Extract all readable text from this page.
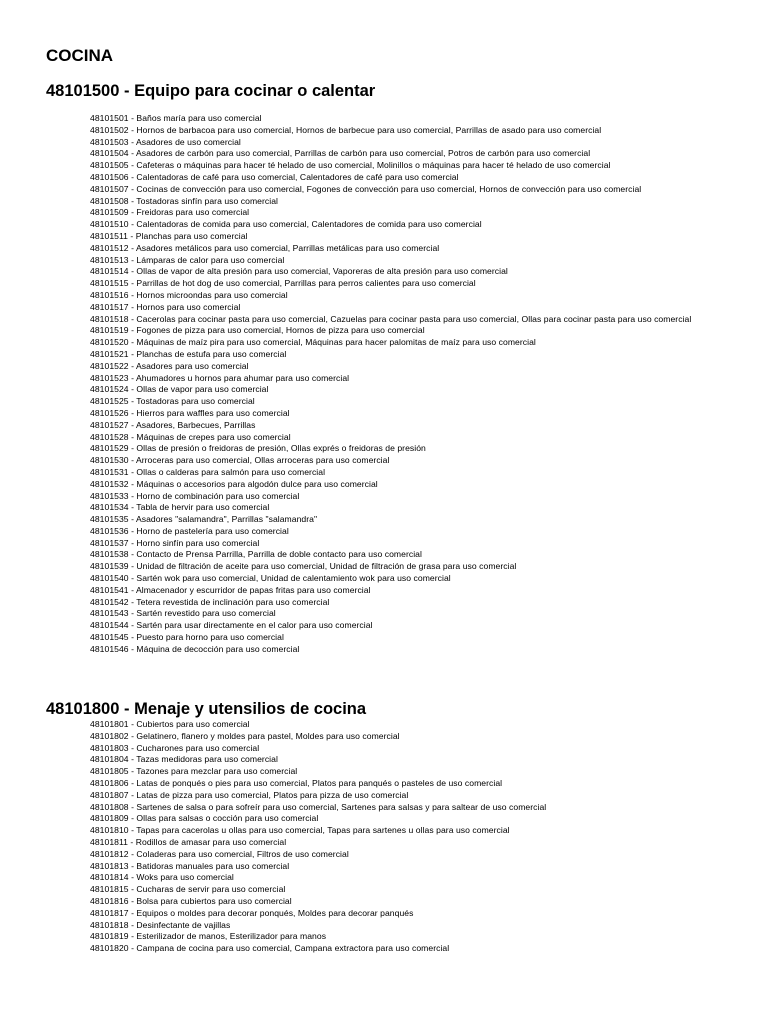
COCINA
48101500 - Equipo para cocinar o calentar
48101501 - Baños maría para uso comercial
48101502 - Hornos de barbacoa para uso comercial, Hornos de barbecue para uso comercial, Parrillas de asado para uso comercial
48101503 - Asadores de uso comercial
48101504 - Asadores de carbón para uso comercial, Parrillas de carbón para uso comercial, Potros de carbón para uso comercial
48101505 - Cafeteras o máquinas para hacer té helado de uso comercial, Molinillos o máquinas para hacer té helado de uso comercial
48101506 - Calentadoras de café para uso comercial, Calentadores de café para uso comercial
48101507 - Cocinas de convección para uso comercial, Fogones de convección para uso comercial, Hornos de convección para uso comercial
48101508 - Tostadoras sinfín para uso comercial
48101509 - Freidoras para uso comercial
48101510 - Calentadoras de comida para uso comercial, Calentadores de comida para uso comercial
48101511 - Planchas para uso comercial
48101512 - Asadores metálicos para uso comercial, Parrillas metálicas para uso comercial
48101513 - Lámparas de calor para uso comercial
48101514 - Ollas de vapor de alta presión para uso comercial, Vaporeras de alta presión para uso comercial
48101515 - Parrillas de hot dog de uso comercial, Parrillas para perros calientes para uso comercial
48101516 - Hornos microondas para uso comercial
48101517 - Hornos para uso comercial
48101518 - Cacerolas para cocinar pasta para uso comercial, Cazuelas para cocinar pasta para uso comercial, Ollas para cocinar pasta para uso comercial
48101519 - Fogones de pizza para uso comercial, Hornos de pizza para uso comercial
48101520 - Máquinas de maíz pira para uso comercial, Máquinas para hacer palomitas de maíz para uso comercial
48101521 - Planchas de estufa para uso comercial
48101522 - Asadores para uso comercial
48101523 - Ahumadores u hornos para ahumar para uso comercial
48101524 - Ollas de vapor para uso comercial
48101525 - Tostadoras para uso comercial
48101526 - Hierros para waffles para uso comercial
48101527 - Asadores, Barbecues, Parrillas
48101528 - Máquinas de crepes para uso comercial
48101529 - Ollas de presión o freidoras de presión, Ollas exprés o freidoras de presión
48101530 - Arroceras para uso comercial, Ollas arroceras para uso comercial
48101531 - Ollas o calderas para salmón para uso comercial
48101532 - Máquinas o accesorios para algodón dulce para uso comercial
48101533 - Horno de combinación para uso comercial
48101534 - Tabla de hervir para uso comercial
48101535 - Asadores "salamandra", Parrillas "salamandra"
48101536 - Horno de pastelería para uso comercial
48101537 - Horno sinfín para uso comercial
48101538 - Contacto de Prensa Parrilla, Parrilla de doble contacto para uso comercial
48101539 - Unidad de filtración de aceite para uso comercial, Unidad de filtración de grasa para uso comercial
48101540 - Sartén wok para uso comercial, Unidad de calentamiento wok para uso comercial
48101541 - Almacenador y escurridor de papas fritas para uso comercial
48101542 - Tetera revestida de inclinación para uso comercial
48101543 - Sartén revestido para uso comercial
48101544 - Sartén para usar directamente en el calor para uso comercial
48101545 - Puesto para horno para uso comercial
48101546 - Máquina de decocción para uso comercial
48101800 - Menaje y utensilios de cocina
48101801 - Cubiertos para uso comercial
48101802 - Gelatinero, flanero y moldes para pastel, Moldes para uso comercial
48101803 - Cucharones para uso comercial
48101804 - Tazas medidoras para uso comercial
48101805 - Tazones para mezclar para uso comercial
48101806 - Latas de ponqués o pies para uso comercial, Platos para panqués o pasteles de uso comercial
48101807 - Latas de pizza para uso comercial, Platos para pizza de uso comercial
48101808 - Sartenes de salsa o para sofreír para uso comercial, Sartenes para salsas y para saltear de uso comercial
48101809 - Ollas para salsas o cocción para uso comercial
48101810 - Tapas para cacerolas u ollas para uso comercial, Tapas para sartenes u ollas para uso comercial
48101811 - Rodillos de amasar para uso comercial
48101812 - Coladeras para uso comercial, Filtros de uso comercial
48101813 - Batidoras manuales para uso comercial
48101814 - Woks para uso comercial
48101815 - Cucharas de servir para uso comercial
48101816 - Bolsa para cubiertos para uso comercial
48101817 - Equipos o moldes para decorar ponqués, Moldes para decorar panqués
48101818 - Desinfectante de vajillas
48101819 - Esterilizador de manos, Esterilizador para manos
48101820 - Campana de cocina para uso comercial, Campana extractora para uso comercial
